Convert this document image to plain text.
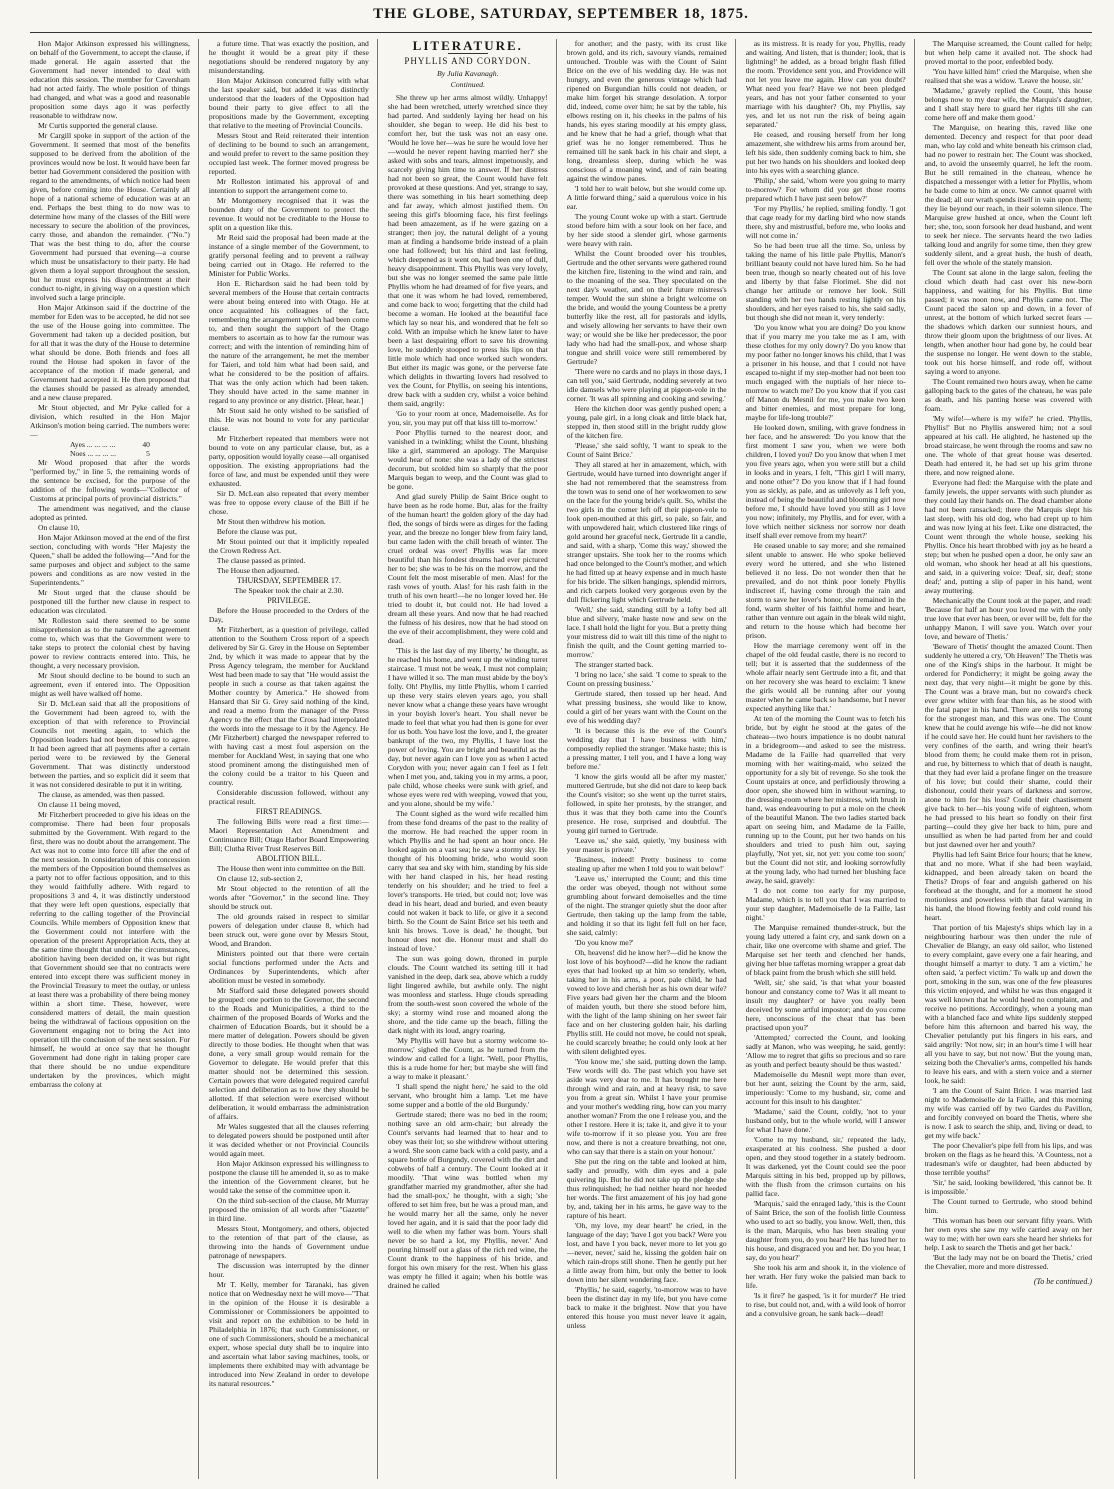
THE GLOBE, SATURDAY, SEPTEMBER 18, 1875.

Hon Major Atkinson expressed his willingness, on behalf of the Government, to accept the clause, if made general. He again asserted that the Government had never intended to deal with education this session. The member for Caversham had not acted fairly. The whole position of things had changed, and what was a good and reasonable proposition some days ago it was perfectly reasonable to withdraw now.

Mr Curtis supported the general clause.

Mr Cargill spoke in support of the action of the Government. It seemed that most of the benefits supposed to be derived from the abolition of the provinces would now be lost. It would have been far better had Government considered the position with regard to the amendments, of which notice had been given, before coming into the House. Certainly all hope of a national scheme of education was at an end. Perhaps the best thing to do now was to determine how many of the classes of the Bill were necessary to secure the abolition of the provinces, carry those, and abandon the remainder. ("No.") That was the best thing to do, after the course Government had pursued that evening—a course which must be unsatisfactory to their party. He had given them a loyal support throughout the session, but he must express his disappointment at their conduct to-night, in giving way on a question which involved such a large principle.

Hon Major Atkinson said if the doctrine of the member for Eden was to be accepted, he did not see the use of the House going into committee. The Government had taken up a decided position, but for all that it was the duty of the House to determine what should be done. Both friends and foes all round the House had spoken in favor of the acceptance of the motion if made general, and Government had accepted it. He then proposed that the clauses should be passed as already amended, and a new clause prepared.

Mr Stout objected, and Mr Pyke called for a division, which resulted in the Hon Major Atkinson's motion being carried. The numbers were:—

Ayes ... ... ... ...	40
Noes ... ... ... ...	5

Mr Wood proposed that after the words "performed by," in line 5, the remaining words of the sentence be excised, for the purpose of the addition of the following words—"Collector of Customs at principal ports of provincial districts."

The amendment was negatived, and the clause adopted as printed.

On clause 10,

Hon Major Atkinson moved at the end of the first section, concluding with words "Her Majesty the Queen," shall be added the following—"And for the same purposes and object and subject to the same powers and conditions as are now vested in the Superintendents."

Mr Stout urged that the clause should be postponed till the further new clause in respect to education was circulated.

Mr Rolleston said there seemed to be some misapprehension as to the nature of the agreement come to, which was that the Government were to take steps to protect the colonial chest by having power to review contracts entered into. This, he thought, a very necessary provision.

Mr Stout should decline to be bound to such an agreement, even if entered into. The Opposition might as well have walked off home.

Sir D. McLean said that all the propositions of the Government had been agreed to, with the exception of that with reference to Provincial Councils not meeting again, to which the Opposition leaders had not been disposed to agree. It had been agreed that all payments after a certain period were to be reviewed by the General Government. That was distinctly understood between the parties, and so explicit did it seem that it was not considered desirable to put it in writing.

The clause, as amended, was then passed.

On clause 11 being moved,

Mr Fitzherbert proceeded to give his ideas on the compromise. There had been four proposals submitted by the Government. With regard to the first, there was no doubt about the arrangement. The Act was not to come into force till after the end of the next session. In consideration of this concession the members of the Opposition bound themselves as a party not to offer factious opposition, and to this they would faithfully adhere. With regard to propositions 3 and 4, it was distinctly understood that they were left open questions, especially that referring to the calling together of the Provincial Councils. While members of Opposition knew that the Government could not interfere with the operation of the present Appropriation Acts, they at the same time thought that under the circumstances, abolition having been decided on, it was but right that Government should see that no contracts were entered into except there was sufficient money in the Provincial Treasury to meet the outlay, or unless at least there was a probability of there being money within a short time. These, however, were considered matters of detail, the main question being the withdrawal of factious opposition on the Government engaging not to bring the Act into operation till the conclusion of the next session. For himself, he would at once say that he thought Government had done right in taking proper care that there should be no undue expenditure undertaken by the provinces, which might embarrass the colony at

a future time. That was exactly the position, and he thought it would be a great pity if these negotiations should be rendered nugatory by any misunderstanding.

Hon Major Atkinson concurred fully with what the last speaker said, but added it was distinctly understood that the leaders of the Opposition had bound their party to give effect to all the propositions made by the Government, excepting that relative to the meeting of Provincial Councils.

Messrs Stout and Reid reiterated their intention of declining to be bound to such an arrangement, and would prefer to revert to the same position they occupied last week. The former moved progress be reported.

Mr Rolleston intimated his approval of and intention to support the arrangement come to.

Mr Montgomery recognised that it was the bounden duty of the Government to protect the revenue. It would not be creditable to the House to split on a question like this.

Mr Reid said the proposal had been made at the instance of a single member of the Government, to gratify personal feeling and to prevent a railway being carried out in Otago. He referred to the Minister for Public Works.

Hon E. Richardson said he had been told by several members of the House that certain contracts were about being entered into with Otago. He at once acquainted his colleagues of the fact, remembering the arrangement which had been come to, and then sought the support of the Otago members to ascertain as to how far the rumour was correct; and with the intention of reminding him of the nature of the arrangement, he met the member for Taieri, and told him what had been said, and what he considered to be the position of affairs. That was the only action which had been taken. They should have acted in the same manner in regard to any province or any district. [Hear, hear.]

Mr Stout said he only wished to be satisfied of this. He was not bound to vote for any particular clause.

Mr Fitzherbert repeated that members were not bound to vote on any particular clause, but, as a party, opposition would loyally cease—all organised opposition. The existing appropriations had the force of law, and must be expended until they were exhausted.

Sir D. McLean also repeated that every member was free to oppose every clause of the Bill if he chose.

Mr Stout then withdrew his motion.

Before the clause was put,

Mr Stout pointed out that it implicitly repealed the Crown Redress Act.

The clause passed as printed.

The House then adjourned.

THURSDAY, SEPTEMBER 17.

The Speaker took the chair at 2.30.

PRIVILEGE.

Before the House proceeded to the Orders of the Day,

Mr Fitzherbert, as a question of privilege, called attention to the Southern Cross report of a speech delivered by Sir G. Grey in the House on September 2nd, by which it was made to appear that by the Press Agency telegram, the member for Auckland West had been made to say that "He would assist the people in such a course as that taken against the Mother country by America." He showed from Hansard that Sir G. Grey said nothing of the kind, and read a memo from the manager of the Press Agency to the effect that the Cross had interpolated the words into the message to it by the Agency. He (Mr Fitzherbert) charged the newspaper referred to with having cast a most foul aspersion on the member for Auckland West, in saying that one who stood prominent among the distinguished men of the colony could be a traitor to his Queen and country.

Considerable discussion followed, without any practical result.

FIRST READINGS.

The following Bills were read a first time:—Maori Representation Act Amendment and Continuance Bill; Otago Harbor Board Empowering Bill; Clutha River Trust Reserves Bill.

ABOLITION BILL.

The House then went into committee on the Bill.

On clause 12, sub-section 2,

Mr Stout objected to the retention of all the words after "Governor," in the second line. They should be struck out.

The old grounds raised in respect to similar powers of delegation under clause 8, which had been struck out, were gone over by Messrs Stout, Wood, and Brandon.

Ministers pointed out that there were certain social functions performed under the Acts and Ordinances by Superintendents, which after abolition must be vested in somebody.

Mr Stafford said these delegated powers should be grouped: one portion to the Governor, the second to the Roads and Municipalities, a third to the chairmen of the proposed Boards of Works and the chairmen of Education Boards, but it should be a mere matter of delegation. Powers should be given directly to those bodies. He thought when that was done, a very small group would remain for the Governor to delegate. He would prefer that this matter should not be determined this session. Certain powers that were delegated required careful selection and deliberation as to how they should be allotted. If that selection were exercised without deliberation, it would embarrass the administration of affairs.

Mr Wales suggested that all the clauses referring to delegated powers should be postponed until after it was decided whether or not Provincial Councils would again meet.

Hon Major Atkinson expressed his willingness to postpone the clause till he amended it, so as to make the intention of the Government clearer, but he would take the sense of the committee upon it.

On the third sub-section of the clause, Mr Murray proposed the omission of all words after "Gazette" in third line.

Messrs Stout, Montgomery, and others, objected to the retention of that part of the clause, as throwing into the hands of Government undue patronage of newspapers.

The discussion was interrupted by the dinner hour.

Mr T. Kelly, member for Taranaki, has given notice that on Wednesday next he will move—"That in the opinion of the House it is desirable a Commissioner or Commissioners be appointed to visit and report on the exhibition to be held in Philadelphia in 1876; that such Commissioner, or one of such Commissioners, should be a mechanical expert, whose special duty shall be to inquire into and ascertain what labor saving machines, tools, or implements there exhibited may with advantage be introduced into New Zealand in order to develope its natural resources."

LITERATURE.
PHYLLIS AND CORYDON.
By Julia Kavanagh.
Continued.

She threw up her arms almost wildly. Unhappy! she had been wretched, utterly wretched since they had parted. And suddenly laying her head on his shoulder, she began to weep. He did his best to comfort her, but the task was not an easy one. 'Would he love her—was he sure he would love her—would he never repent having married her?' she asked with sobs and tears, almost impetuously, and scarcely giving him time to answer. If her distress had not been so great, the Count would have felt provoked at these questions. And yet, strange to say, there was something in his heart something deep and far away, which almost justified them. On seeing this girl's blooming face, his first feelings had been amazement, as if he were gazing on a stranger; then joy, the natural delight of a young man at finding a handsome bride instead of a plain one had followed; but his third and last feeling, which deepened as it went on, had been one of dull, heavy disappointment. This Phyllis was very lovely, but she was no longer seemed the same pale little Phyllis whom he had dreamed of for five years, and that one it was whom he had loved, remembered, and come back to woo; forgetting that the child had become a woman. He looked at the beautiful face which lay so near his, and wondered that he felt so cold. With an impulse which he knew later to have been a last despairing effort to save his drowning love, he suddenly stooped to press his lips on that little mole which had once worked such wonders. But either its magic was gone, or the perverse fate which delights in thwarting lovers had resolved to vex the Count, for Phyllis, on seeing his intentions, drew back with a sudden cry, whilst a voice behind them said, angrily:

'Go to your room at once, Mademoiselle. As for you, sir, you may put off that kiss till to-morrow.'

Poor Phyllis turned to the nearest door, and vanished in a twinkling; whilst the Count, blushing like a girl, stammered an apology. The Marquise would hear of none: she was a lady of the strictest decorum, but scolded him so sharply that the poor Marquis began to weep, and the Count was glad to be gone.

And glad surely Philip de Saint Brice ought to have been as he rode home. But, alas for the frailty of the human heart! the golden glory of the day had fled, the songs of birds were as dirges for the fading year, and the breeze no longer blew from fairy land, but came laden with the chill breath of winter. The cruel ordeal was over! Phyllis was far more beautiful than his fondest dreams had ever pictured her to be; she was to be his on the morrow, and the Count felt the most miserable of men. Alas! for the rash vows of youth. Alas! for his rash faith in the truth of his own heart!—he no longer loved her. He tried to doubt it, but could not. He had loved a dream all these years. And now that he had reached the fulness of his desires, now that he had stood on the eve of their accomplishment, they were cold and dead.

'This is the last day of my liberty,' he thought, as he reached his home, and went up the winding turret staircase. 'I must not be weak, I must not complain; I have willed it so. The man must abide by the boy's folly. Oh! Phyllis, my little Phyllis, whom I carried up these very stairs eleven years ago, you shall never know what a change these years have wrought in your boyish lover's heart. You shall never be made to feel that what you had then is gone for ever for us both. You have lost the love, and I, the greater bankrupt of the two, my Phyllis, I have lost the power of loving. You are bright and beautiful as the day, but never again can I love you as when I acted Corydon with you; never again can I feel as I felt when I met you, and, taking you in my arms, a poor, pale child, whose cheeks were sunk with grief, and whose eyes were red with weeping, vowed that you, and you alone, should be my wife.'

The Count sighed as the word wife recalled him from these fond dreams of the past to the reality of the morrow. He had reached the upper room in which Phyllis and he had spent an hour once. He looked again on a vast sea; he saw a stormy sky. He thought of his blooming bride, who would soon carry that sea and sky with him, standing by his side with her hand clasped in his, her head resting tenderly on his shoulder; and he tried to feel a lover's transports. He tried, but could not; love was dead in his heart, dead and buried, and even beauty could not waken it back to life, or give it a second birth. So the Count de Saint Brice set his teeth and knit his brows. 'Love is dead,' he thought, 'but honour does not die. Honour must and shall do instead of love.'

The sun was going down, throned in purple clouds. The Count watched its setting till it had vanished in the deep, dark sea, above which a ruddy light lingered awhile, but awhile only. The night was moonless and starless. Huge clouds spreading from the south-west soon covered the whole of the sky; a stormy wind rose and moaned along the shore, and the tide came up the beach, filling the dark night with its loud, angry roaring.

'My Phyllis will have but a stormy welcome to-morrow,' sighed the Count, as he turned from the window and called for a light. 'Well, poor Phyllis, this is a rude home for her; but maybe she will find a way to make it pleasant.'

'I shall spend the night here,' he said to the old servant, who brought him a lamp. 'Let me have some supper and a bottle of the old Burgundy.'

Gertrude stared; there was no bed in the room; nothing save an old arm-chair; but already the Count's servants had learned that to hear and to obey was their lot; so she withdrew without uttering a word. She soon came back with a cold pasty, and a square bottle of Burgundy, covered with the dirt and cobwebs of half a century. The Count looked at it moodily. 'That wine was bottled when my grandfather married my grandmother, after she had had the small-pox,' he thought, with a sigh; 'she offered to set him free, but he was a proud man, and he would marry her all the same, only he never loved her again, and it is said that the poor lady did well to die when my father was born. Yours shall never be so hard a lot, my Phyllis, never.' And pouring himself out a glass of the rich red wine, the Count drank to the happiness of his bride, and forgot his own misery for the rest. When his glass was empty he filled it again; when his bottle was drained he called

for another; and the pasty, with its crust like brown gold, and its rich, savoury viands, remained untouched. Trouble was with the Count of Saint Brice on the eve of his wedding day. He was not hungry, and even the generous vintage which had ripened on Burgundian hills could not deaden, or make him forget his strange desolation. A torpor did, indeed, come over him; he sat by the table, his elbows resting on it, his cheeks in the palms of his hands, his eyes staring moodily at his empty glass, and he knew that he had a grief, though what that grief was he no longer remembered. Thus he remained till he sank back in his chair and slept, a long, dreamless sleep, during which he was conscious of a moaning wind, and of rain beating against the window panes.

'I told her to wait below, but she would come up. A little forward thing,' said a querulous voice in his ear.

The young Count woke up with a start. Gertrude stood before him with a sour look on her face, and by her side stood a slender girl, whose garments were heavy with rain.

Whilst the Count brooded over his troubles, Gertrude and the other servants were gathered round the kitchen fire, listening to the wind and rain, and to the moaning of the sea. They speculated on the next day's weather, and on their future mistress's temper. Would the sun shine a bright welcome on the bride, and would the young Countess be a pretty butterfly like the rest, all for pastorals and idylls, and wisely allowing her servants to have their own way; or would she be like her predecessor, the poor lady who had had the small-pox, and whose sharp tongue and shrill voice were still remembered by Gertrude?

'There were no cards and no plays in those days, I can tell you,' said Gertrude, nodding severely at two idle damsels who were playing at pigeon-vole in the corner. 'It was all spinning and cooking and sewing.'

Here the kitchen door was gently pushed open; a young, pale girl, in a long cloak and little black hat, stepped in, then stood still in the bright ruddy glow of the kitchen fire.

'Please,' she said softly, 'I want to speak to the Count of Saint Brice.'

They all stared at her in amazement, which, with Gertrude, would have turned into downright anger if she had not remembered that the seamstress from the town was to send one of her workwomen to sew on the lace for the young bride's quilt. So, whilst the two girls in the corner left off their pigeon-vole to look open-mouthed at this girl, so pale, so fair, and with unpowdered hair, which clustered like rings of gold around her graceful neck, Gertrude lit a candle, and said, with a sharp, 'Come this way,' showed the stranger upstairs. She took her to the rooms which had once belonged to the Count's mother, and which he had fitted up at heavy expense and in much haste for his bride. The silken hangings, splendid mirrors, and rich carpets looked very gorgeous even by the dull flickering light which Gertrude held.

'Well,' she said, standing still by a lofty bed all blue and silvery, 'make haste now and sew on the lace. I shall hold the light for you. But a pretty thing your mistress did to wait till this time of the night to finish the quilt, and the Count getting married to-morrow.'

The stranger started back.

'I bring no lace,' she said. 'I come to speak to the Count on pressing business.'

Gertrude stared, then tossed up her head. And what pressing business, she would like to know, could a girl of her years want with the Count on the eve of his wedding day?

'It is because this is the eve of the Count's wedding day that I have business with him,' composedly replied the stranger. 'Make haste; this is a pressing matter, I tell you, and I have a long way before me.'

'I know the girls would all be after my master,' muttered Gertrude, but she did not dare to keep back the Count's visitor; so she went up the turret stairs, followed, in spite her protests, by the stranger, and thus it was that they both came into the Count's presence. He rose, surprised and doubtful. The young girl turned to Gertrude.

'Leave us,' she said, quietly, 'my business with your master is private.'

'Business, indeed! Pretty business to come stealing up after me when I told you to wait below!'

'Leave us,' interrupted the Count; and this time the order was obeyed, though not without some grumbling about forward demoiselles and the time of the night. The stranger quietly shut the door after Gertrude, then taking up the lamp from the table, and holding it so that its light fell full on her face, she said, calmly:

'Do you know me?'

Oh, heavens! did he know her?—did he know the lost love of his boyhood?—did he know the radiant eyes that had looked up at him so tenderly, when, taking her in his arms, a poor, pale child, he had vowed to love and cherish her as his own dear wife? Five years had given her the charm and the bloom of maiden youth, but there she stood before him, with the light of the lamp shining on her sweet fair face and on her clustering golden hair, his darling Phyllis still. He could not move, he could not speak, he could scarcely breathe; he could only look at her with silent delighted eyes.

'You know me,' she said, putting down the lamp. 'Few words will do. The past which you have set aside was very dear to me. It has brought me here through wind and rain, and at heavy risk, to save you from a great sin. Whilst I have your promise and your mother's wedding ring, how can you marry another woman? From the one I release you, and the other I restore. Here it is; take it, and give it to your wife to-morrow if it so please you. You are free now, and there is not a creature breathing, not one, who can say that there is a stain on your honour.'

She put the ring on the table and looked at him, sadly and proudly, with dim eyes and a pale quivering lip. But he did not take up the pledge she thus relinquished; he had neither heard nor heeded her words. The first amazement of his joy had gone by, and, taking her in his arms, he gave way to the rapture of his heart.

'Oh, my love, my dear heart!' he cried, in the language of the day; 'have I got you back? Were you lost, and have I you back, never more to let you go—never, never,' said he, kissing the golden hair on which rain-drops still shone. Then he gently put her a little away from him, but only the better to look down into her silent wondering face.

'Phyllis,' he said, eagerly, 'to-morrow was to have been the distinct day in my life, but you have come back to make it the brightest. Now that you have entered this house you must never leave it again, unless

as its mistress. It is ready for you, Phyllis, ready and waiting. And listen, that is thunder; look, that is lightning!' he added, as a broad bright flash filled the room. 'Providence sent you, and Providence will not let you leave me again. How can you doubt? What need you fear? Have we not been pledged years, and has not your father consented to your marriage with his daughter? Oh, my Phyllis, say yes, and let us not run the risk of being again separated.'

He ceased, and rousing herself from her long amazement, she withdrew his arms from around her, left his side, then suddenly coming back to him, she put her two hands on his shoulders and looked deep into his eyes with a searching glance.

'Philip,' she said, 'whom were you going to marry to-morrow? For whom did you get those rooms prepared which I have just seen below?'

'For my Phyllis,' he replied, smiling fondly. 'I got that cage ready for my darling bird who now stands there, shy and mistrustful, before me, who looks and will not come in.'

So he had been true all the time. So, unless by taking the name of his little pale Phyllis, Manon's brilliant beauty could not have lured him. So he had been true, though so nearly cheated out of his love and liberty by that false Florimel. She did not change her attitude or remove her look. Still standing with her two hands resting lightly on his shoulders, and her eyes raised to his, she said sadly, but though she did not mean it, very tenderly:

'Do you know what you are doing? Do you know that if you marry me you take me as I am, with these clothes for my only dowry? Do you know that my poor father no longer knows his child, that I was a prisoner in his house, and that I could not have escaped to-night if my step-mother had not been too much engaged with the nuptials of her niece to-morrow to watch me? Do you know that if you cast off Manon du Mesnil for me, you make two keen and bitter enemies, and most prepare for long, maybe for life-long trouble?'

He looked down, smiling, with grave fondness in her face, and he answered: 'Do you know that the first moment I saw you, when we were both children, I loved you? Do you know that when I met you five years ago, when you were still but a child in looks and in years, I felt, "This girl I will marry, and none other"? Do you know that if I had found you as sickly, as pale, and as unlovely as I left you, instead of being the beautiful and blooming girl now before me, I should have loved you still as I love you now; infinitely, my Phyllis, and for ever, with a love which neither sickness nor sorrow nor death itself shall ever remove from my heart?'

He ceased unable to say more; and she remained silent unable to answer. He who spoke believed every word he uttered, and she who listened believed it no less. Do not wonder then that he prevailed, and do not think poor lonely Phyllis indiscreet if, having come through the rain and storm to save her lover's honor, she remained in the fond, warm shelter of his faithful home and heart, rather than venture out again in the bleak wild night, and return to the house which had become her prison.

How the marriage ceremony went off in the chapel of the old feudal castle, there is no record to tell; but it is asserted that the suddenness of the whole affair nearly sent Gertrude into a fit, and that on her recovery she was heard to exclaim: 'I knew the girls would all be running after our young master when he came back so handsome, but I never expected anything like that.'

At ten of the morning the Count was to fetch his bride, but by eight he stood at the gates of the chateau—two hours impatience is no doubt natural in a bridegroom—and asked to see the mistress. Madame de la Faille had quarrelled that very morning with her waiting-maid, who seized the opportunity for a sly bit of revenge. So she took the Count upstairs at once, and perfidiously throwing a door open, she showed him in without warning, to the dressing-room where her mistress, with brush in hand, was endeavouring to put a mole on the cheek of the beautiful Manon. The two ladies started back apart on seeing him, and Madame de la Faille, running up to the Count, put her two hands on his shoulders and tried to push him out, saying playfully, 'Not yet, sir, not yet: you come too soon;' but the Count did not stir, and looking sorrowfully at the young lady, who had turned her blushing face away, he said, gravely:

'I do not come too early for my purpose, Madame, which is to tell you that I was married to your step daughter, Mademoiselle de la Faille, last night.'

The Marquise remained thunder-struck, but the young lady uttered a faint cry, and sank down on a chair, like one overcome with shame and grief. The Marquise set her teeth and clenched her hands, giving her blue taffetas morning wrapper a great dab of black paint from the brush which she still held.

'Well, sir,' she said, 'is that what your boasted honour and constancy come to? Was it all meant to insult my daughter? or have you really been deceived by some artful impostor; and do you come here, unconscious of the cheat that has been practised upon you?'

'Attempted,' corrected the Count, and looking sadly at Manon, who was weeping, he said, gently: 'Allow me to regret that gifts so precious and so rare as youth and perfect beauty should be thus wasted.'

Mademoiselle du Mesnil wept more than ever, but her aunt, seizing the Count by the arm, said, imperiously: 'Come to my husband, sir, come and account for this insult to his daughter.'

'Madame,' said the Count, coldly, 'not to your husband only, but to the whole world, will I answer for what I have done.'

'Come to my husband, sir,' repeated the lady, exasperated at his coolness. She pushed a door open, and they stood together in a stately bedroom. It was darkened, yet the Count could see the poor Marquis sitting in his bed, propped up by pillows, with the flush from the crimson curtains on his pallid face.

'Marquis,' said the enraged lady, 'this is the Count of Saint Brice, the son of the foolish little Countess who used to act so badly, you know. Well, then, this is the man, Marquis, who has been stealing your daughter from you, do you hear? He has lured her to his house, and disgraced you and her. Do you hear, I say, do you hear?'

She took his arm and shook it, in the violence of her wrath. Her fury woke the palsied man back to life.

'Is it fire?' he gasped, 'is it for murder?' He tried to rise, but could not, and, with a wild look of horror and a convulsive groan, he sank back—dead!

The Marquise screamed, the Count called for help; but when help came it availed not. The shock had proved mortal to the poor, enfeebled body.

'You have killed him!' cried the Marquise, when she realised that she was a widow. 'Leave the house, sir.'

'Madame,' gravely replied the Count, 'this house belongs now to my dear wife, the Marquis's daughter, and I shall stay here to guard her rights till she can come here off and make them good.'

The Marquise, on hearing this, raved like one demented. Decency and respect for that poor dead man, who lay cold and white beneath his crimson clad, had no power to restrain her. The Count was shocked, and, to avoid the unseemly quarrel, he left the room. But he still remained in the chateau, whence he dispatched a messenger with a letter for Phyllis, whom he bade come to him at once. We cannot quarrel with the dead; all our wrath spends itself in vain upon them; they lie beyond our reach, in their solemn silence. The Marquise grew hushed at once, when the Count left her; she, too, soon forsook her dead husband, and went to seek her niece. The servants heard the two ladies talking loud and angrily for some time, then they grew suddenly silent, and a great hush, the hush of death, fell over the whole of the stately mansion.

The Count sat alone in the large salon, feeling the cloud which death had cast over his new-born happiness, and waiting for his Phyllis. But time passed; it was noon now, and Phyllis came not. The Count paced the salon up and down, in a fever of unrest, at the bottom of which lurked secret fears —the shadows which darken our sunniest hours, and throw their gloom upon the brightness of our lives. At length, when another hour had gone by, he could bear the suspense no longer. He went down to the stable, took out his horse himself, and rode off, without saying a word to anyone.

The Count remained two hours away, when he came galloping back to the gates of the chateau, he was pale as death, and his panting horse was covered with foam.

'My wife!—where is my wife?' he cried. 'Phyllis, Phyllis!' But no Phyllis answered him; not a soul appeared at his call. He alighted, he hastened up the broad staircase, he went through the rooms and saw no one. The whole of that great house was deserted. Death had entered it, he had set up his grim throne there, and now reigned alone.

Everyone had fled: the Marquise with the plate and family jewels, the upper servants with such plunder as they could lay their hands on. The dead chamber alone had not been ransacked; there the Marquis slept his last sleep, with his old dog, who had crept up to him and was now lying at his feet. Like one distracted, the Count went through the whole house, seeking his Phyllis. Once his heart throbbed with joy as he heard a step; but when he pushed open a door, he only saw an old woman, who shook her head at all his questions, and said, in a quivering voice: 'Deaf, sir, deaf; stone deaf;' and, putting a slip of paper in his hand, went away muttering.

Mechanically the Count took at the paper, and read: 'Because for half an hour you loved me with the only true love that ever has been, or ever will be, felt for the unhappy Manon, I will save you. Watch over your love, and beware of Thetis.'

'Beware of Thetis' thought the amazed Count. Then suddenly he uttered a cry, 'Oh Heaven!' The Thetis was one of the King's ships in the harbour. It might be ordered for Pondicherry; it might be going away the next day, that very night—it might be gone by this. The Count was a brave man, but no coward's check ever grew whiter with fear than his, as he stood with the fatal paper in his hand. There are evils too strong for the strongest man, and this was one. The Count knew that he could avenge his wife—he did not know if he could save her. He could hunt her ravishers to the very confines of the earth, and wring their heart's blood from them; he could make them rot in prison, and rue, by bitterness to which that of death is naught, that they had ever laid a profane finger on the treasure of his love; but could their shame, could their dishonour, could their years of darkness and sorrow, atone to him for his loss? Could their chastisement give back to her—his young wife of eighteen, whom he had pressed to his heart so fondly on their first parting—could they give her back to him, pure and unsullied as when he had parted from her and could but just dawned over her and youth?

Phyllis had left Saint Brice four hours; that he knew, that and no more. What if she had been waylaid, kidnapped, and been already taken on board the Thetis? Drops of fear and anguish gathered on his forehead at the thought, and for a moment he stood motionless and powerless with that fatal warning in his hand, the blood flowing feebly and cold round his heart.

That portion of his Majesty's ships which lay in a neighbouring harbour was then under the rule of Chevalier de Blangy, an easy old sailor, who listened to every complaint, gave every one a fair hearing, and thought himself a martyr to duty. 'I am a victim,' he often said, 'a perfect victim.' To walk up and down the port, smoking in the sun, was one of the few pleasures this victim enjoyed, and whilst he was thus engaged it was well known that he would heed no complaint, and receive no petitions. Accordingly, when a young man with a blanched face and white lips suddenly stepped before him this afternoon and barred his way, the Chevalier petulantly put his fingers in his ears, and said angrily: 'Not now, sir; in an hour's time I will hear all you have to say, but not now.' But the young man, seizing both the Chevalier's arms, compelled his hands to leave his ears, and with a stern voice and a sterner look, he said:

'I am the Count of Saint Brice. I was married last night to Mademoiselle de la Faille, and this morning my wife was carried off by two Gardes du Pavillon, and forcibly conveyed on board the Thetis, where she is now. I ask to search the ship, and, living or dead, to get my wife back.'

The poor Chevalier's pipe fell from his lips, and was broken on the flags as he heard this. 'A Countess, not a tradesman's wife or daughter, had been abducted by those terrible youths!'

'Sir,' he said, looking bewildered, 'this cannot be. It is impossible.'

The Count turned to Gertrude, who stood behind him.

'This woman has been our servant fifty years. With her own eyes she saw my wife carried away on her way to me; with her own ears she heard her shrieks for help. I ask to search the Thetis and get her back.'

'But the lady may not be on board the Thetis,' cried the Chevalier, more and more distressed.

(To be continued.)
